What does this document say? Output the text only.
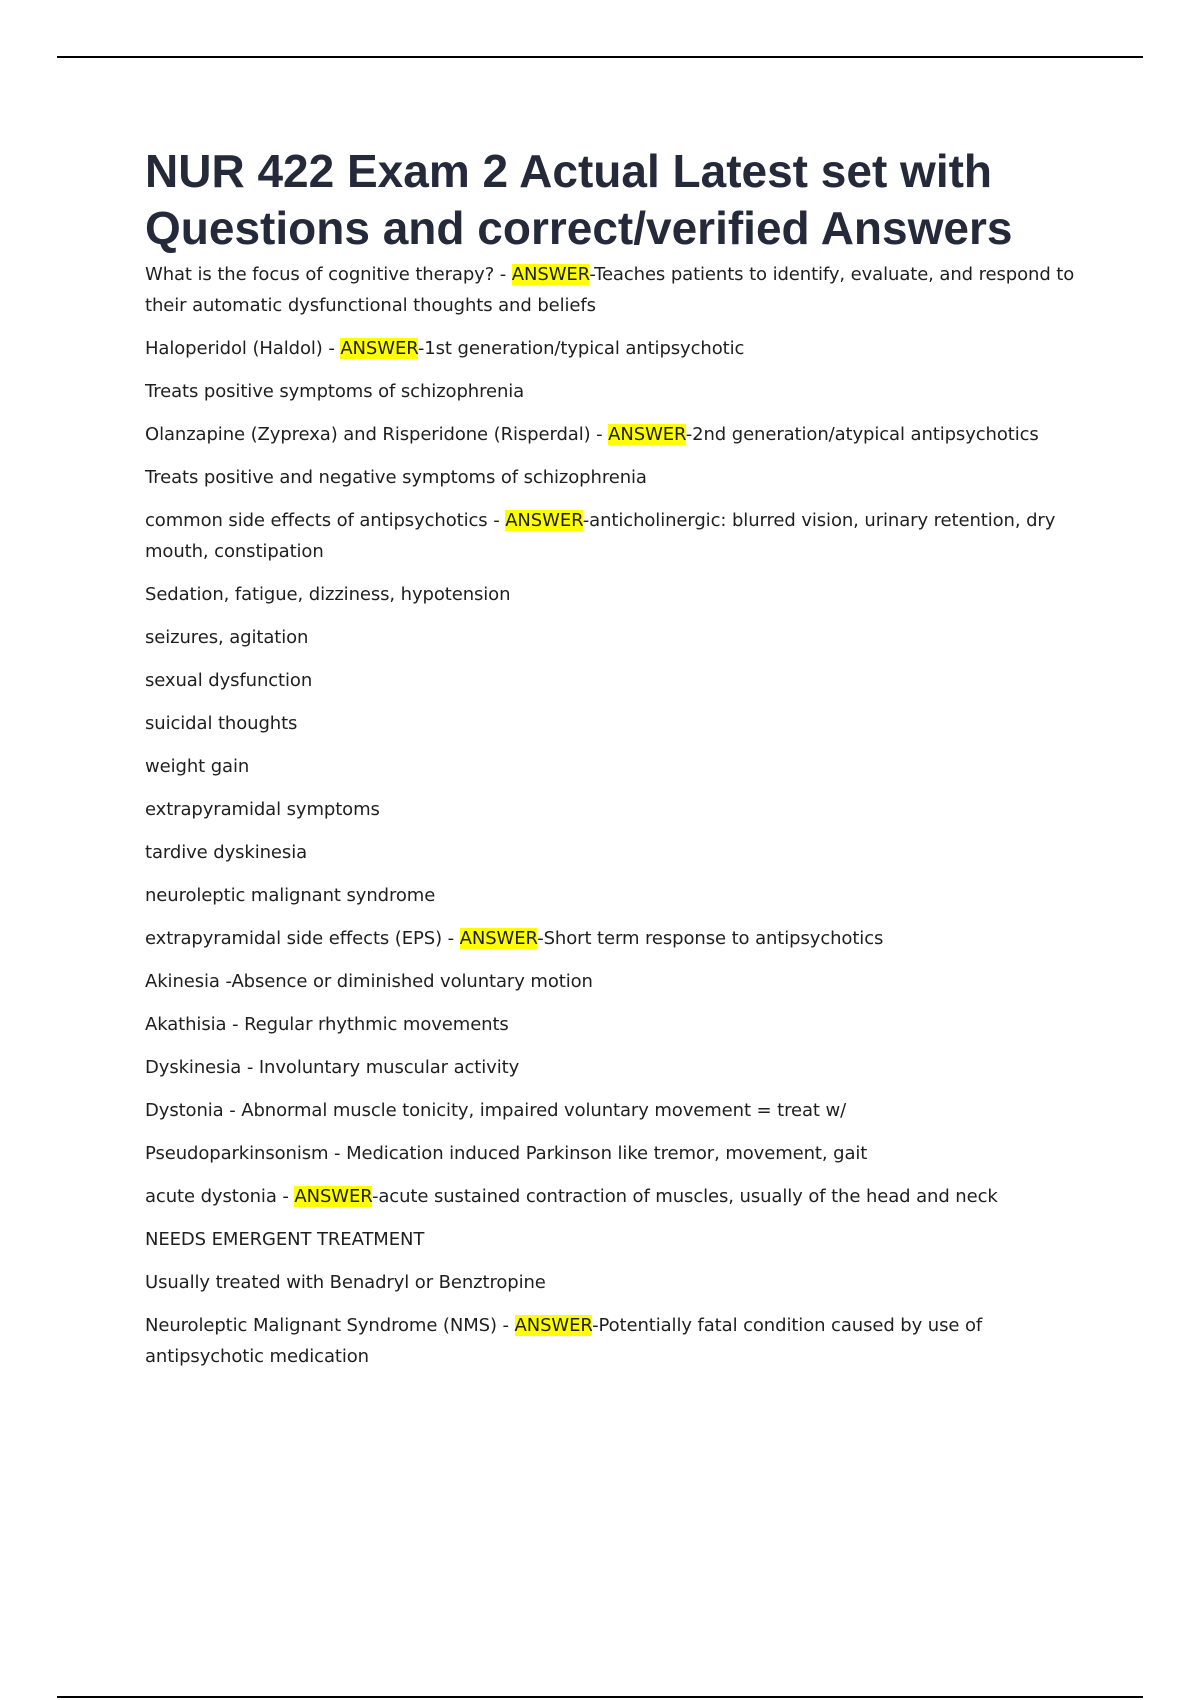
NUR 422 Exam 2 Actual Latest set with Questions and correct/verified Answers

What is the focus of cognitive therapy? - ANSWER-Teaches patients to identify, evaluate, and respond to their automatic dysfunctional thoughts and beliefs

Haloperidol (Haldol) - ANSWER-1st generation/typical antipsychotic

Treats positive symptoms of schizophrenia

Olanzapine (Zyprexa) and Risperidone (Risperdal) - ANSWER-2nd generation/atypical antipsychotics

Treats positive and negative symptoms of schizophrenia

common side effects of antipsychotics - ANSWER-anticholinergic: blurred vision, urinary retention, dry mouth, constipation

Sedation, fatigue, dizziness, hypotension

seizures, agitation

sexual dysfunction

suicidal thoughts

weight gain

extrapyramidal symptoms

tardive dyskinesia

neuroleptic malignant syndrome

extrapyramidal side effects (EPS) - ANSWER-Short term response to antipsychotics

Akinesia -Absence or diminished voluntary motion

Akathisia - Regular rhythmic movements

Dyskinesia - Involuntary muscular activity

Dystonia - Abnormal muscle tonicity, impaired voluntary movement = treat w/

Pseudoparkinsonism - Medication induced Parkinson like tremor, movement, gait

acute dystonia - ANSWER-acute sustained contraction of muscles, usually of the head and neck

NEEDS EMERGENT TREATMENT

Usually treated with Benadryl or Benztropine

Neuroleptic Malignant Syndrome (NMS) - ANSWER-Potentially fatal condition caused by use of antipsychotic medication
